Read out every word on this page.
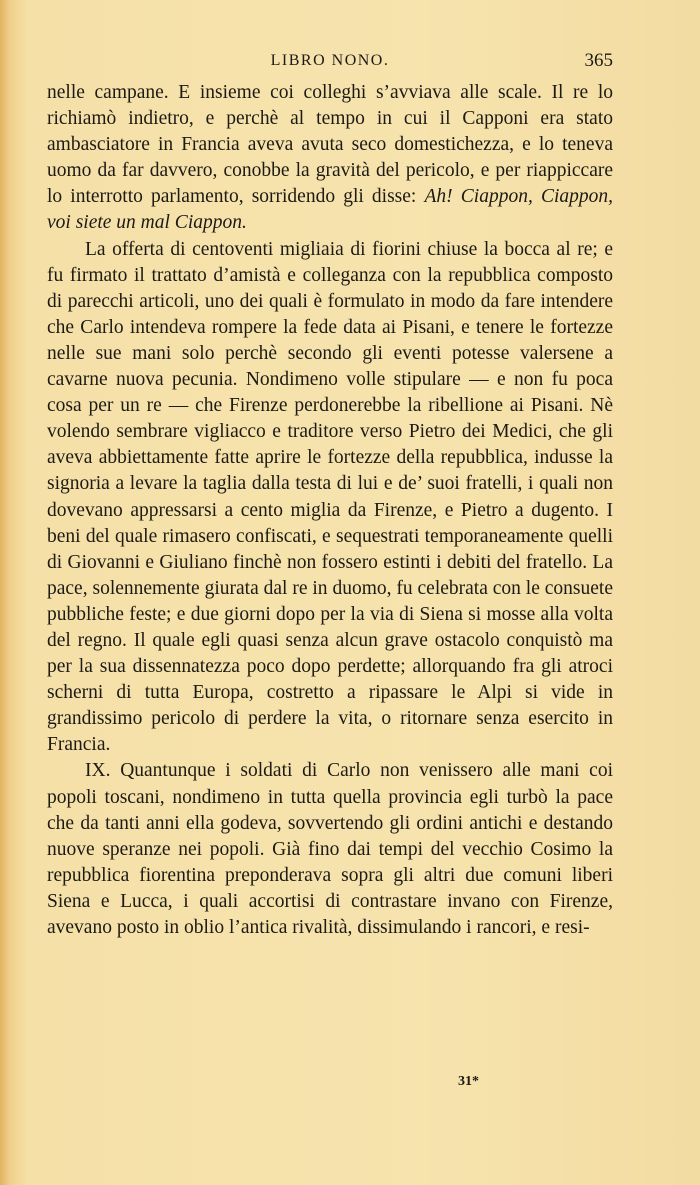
LIBRO NONO.	365

nelle campane. E insieme coi colleghi s’avviava alle scale. Il re lo richiamò indietro, e perchè al tempo in cui il Capponi era stato ambasciatore in Francia aveva avuta seco domestichezza, e lo teneva uomo da far davvero, conobbe la gravità del pericolo, e per riappiccare lo interrotto parlamento, sorridendo gli disse: Ah! Ciappon, Ciappon, voi siete un mal Ciappon.

La offerta di centoventi migliaia di fiorini chiuse la bocca al re; e fu firmato il trattato d’amistà e colleganza con la repubblica composto di parecchi articoli, uno dei quali è formulato in modo da fare intendere che Carlo intendeva rompere la fede data ai Pisani, e tenere le fortezze nelle sue mani solo perchè secondo gli eventi potesse valersene a cavarne nuova pecunia. Nondimeno volle stipulare — e non fu poca cosa per un re — che Firenze perdonerebbe la ribellione ai Pisani. Nè volendo sembrare vigliacco e traditore verso Pietro dei Medici, che gli aveva abbiettamente fatte aprire le fortezze della repubblica, indusse la signoria a levare la taglia dalla testa di lui e de’ suoi fratelli, i quali non dovevano appressarsi a cento miglia da Firenze, e Pietro a dugento. I beni del quale rimasero confiscati, e sequestrati temporaneamente quelli di Giovanni e Giuliano finchè non fossero estinti i debiti del fratello. La pace, solennemente giurata dal re in duomo, fu celebrata con le consuete pubbliche feste; e due giorni dopo per la via di Siena si mosse alla volta del regno. Il quale egli quasi senza alcun grave ostacolo conquistò ma per la sua dissennatezza poco dopo perdette; allorquando fra gli atroci scherni di tutta Europa, costretto a ripassare le Alpi si vide in grandissimo pericolo di perdere la vita, o ritornare senza esercito in Francia.

IX. Quantunque i soldati di Carlo non venissero alle mani coi popoli toscani, nondimeno in tutta quella provincia egli turbò la pace che da tanti anni ella godeva, sovvertendo gli ordini antichi e destando nuove speranze nei popoli. Già fino dai tempi del vecchio Cosimo la repubblica fiorentina preponderava sopra gli altri due comuni liberi Siena e Lucca, i quali accortisi di contrastare invano con Firenze, avevano posto in oblio l’antica rivalità, dissimulando i rancori, e resi-

31*
